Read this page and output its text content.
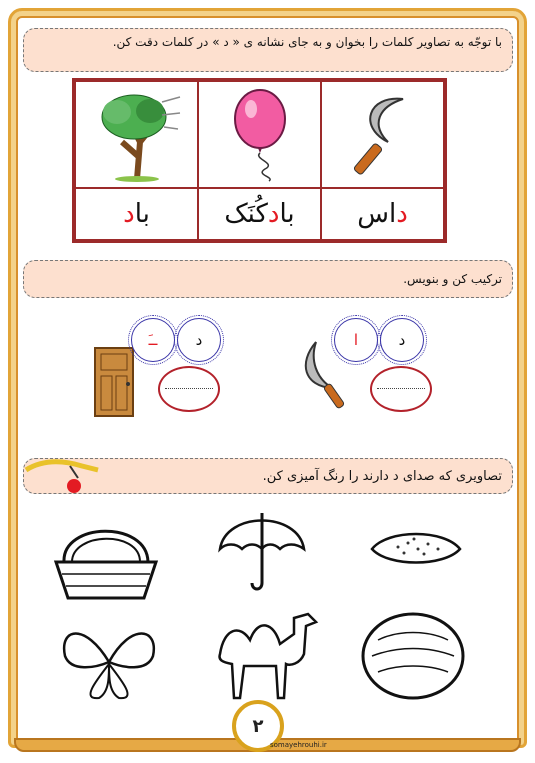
با توجّه به تصاویر کلمات را بخوان و به جای نشانه ی « د » در کلمات دقت کن.
باد	بادکُنَک	داس
ترکیب کن و بنویس.
ــَ	د	ا	د
تصاویری که صدای د دارند را رنگ آمیزی کن.
۲
somayehrouhi.ir
